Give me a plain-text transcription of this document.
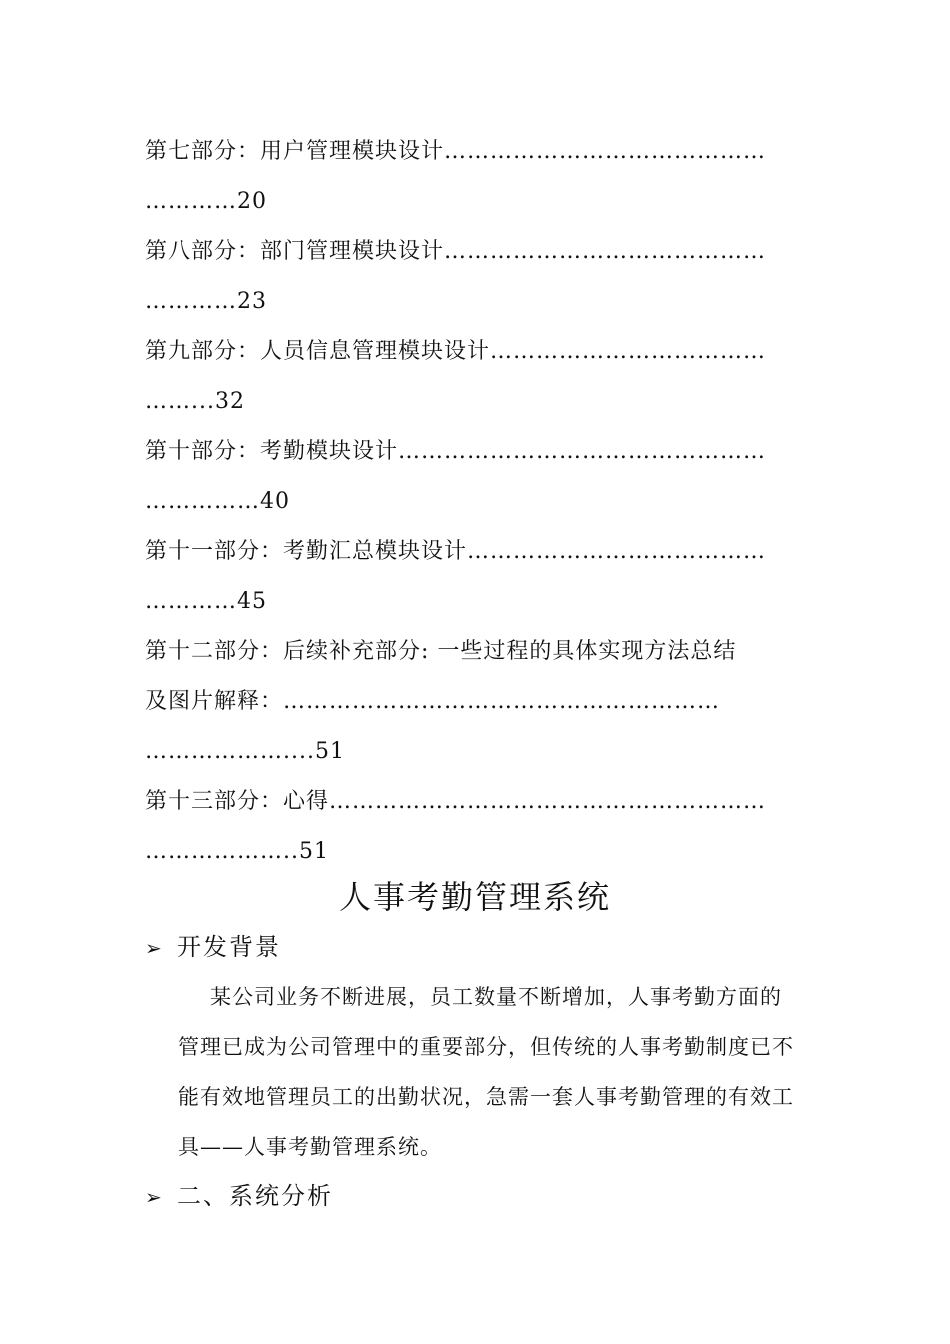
第七部分：用户管理模块设计……………………………………
…………20
第八部分：部门管理模块设计……………………………………
…………23
第九部分：人员信息管理模块设计………………………………
……...32
第十部分：考勤模块设计…………………………………………
……………40
第十一部分：考勤汇总模块设计…………………………………
…………45
第十二部分：后续补充部分: 一些过程的具体实现方法总结
及图片解释：…………………………………………………
………………....51
第十三部分：心得…………………………………………………
………………..51
人事考勤管理系统
➢ 开发背景
某公司业务不断进展，员工数量不断增加，人事考勤方面的
管理已成为公司管理中的重要部分，但传统的人事考勤制度已不
能有效地管理员工的出勤状况，急需一套人事考勤管理的有效工
具——人事考勤管理系统。
➢ 二、系统分析
